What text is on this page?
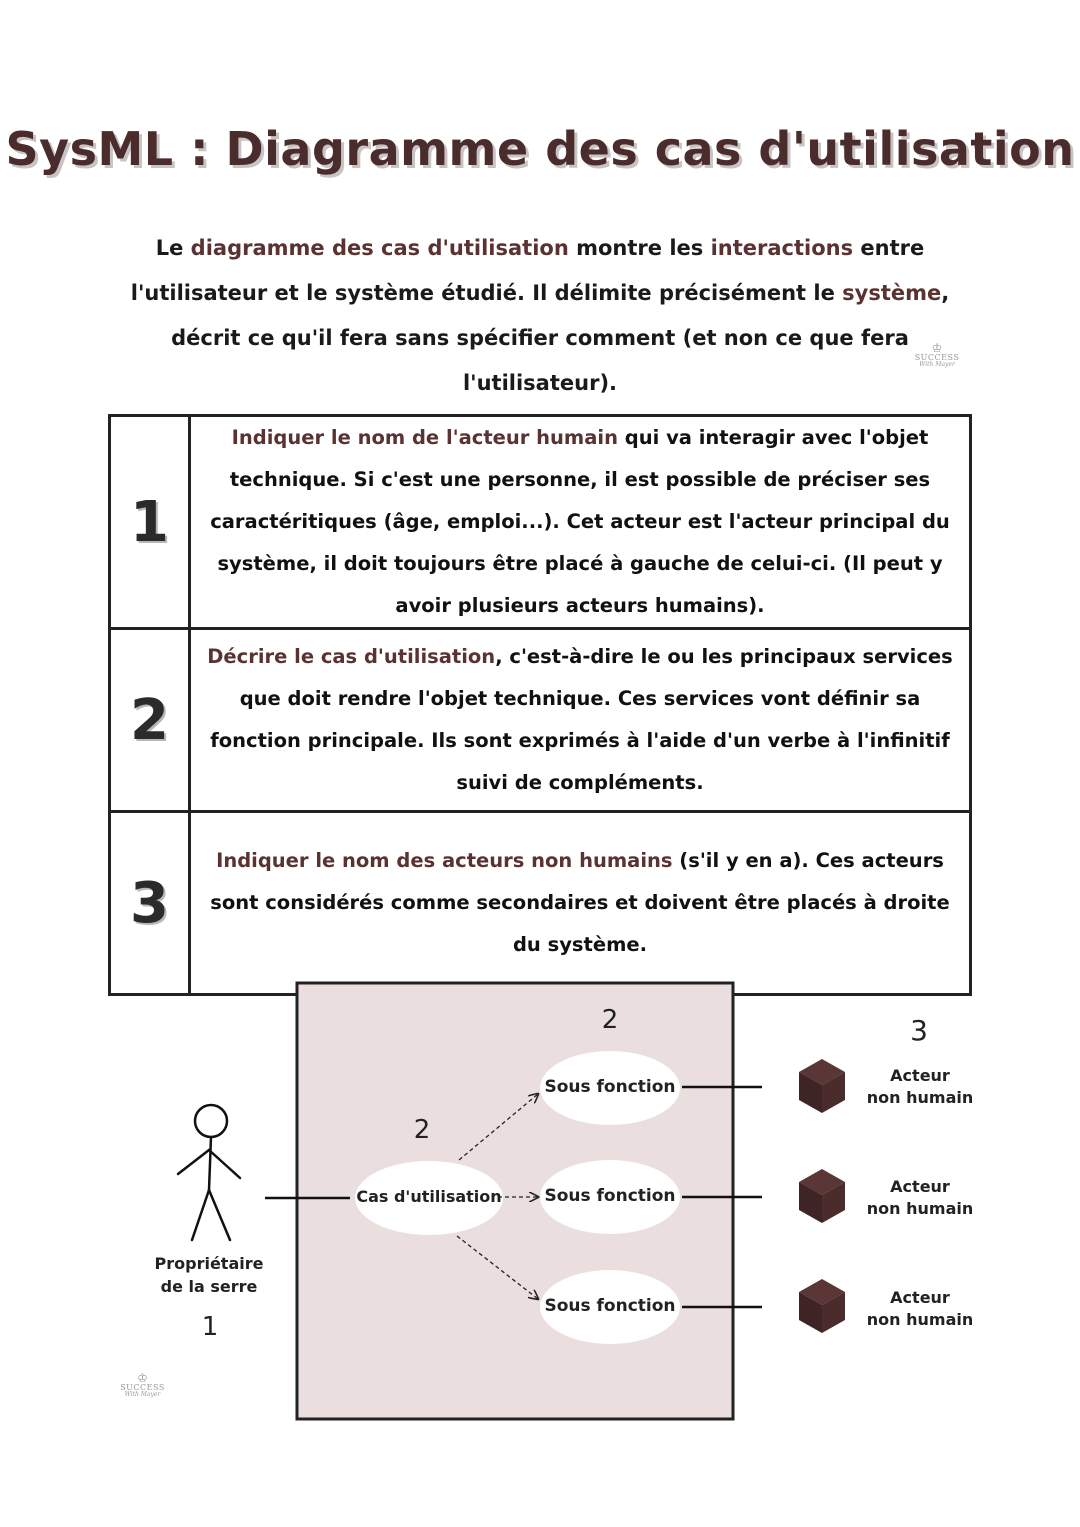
SysML : Diagramme des cas d'utilisation
Le diagramme des cas d'utilisation montre les interactions entre l'utilisateur et le système étudié. Il délimite précisément le système, décrit ce qu'il fera sans spécifier comment (et non ce que fera l'utilisateur).
♔
SUCCESS
With Mayer
1	Indiquer le nom de l'acteur humain qui va interagir avec l'objet technique. Si c'est une personne, il est possible de préciser ses caractéritiques (âge, emploi...). Cet acteur est l'acteur principal du système, il doit toujours être placé à gauche de celui-ci. (Il peut y avoir plusieurs acteurs humains).
2	Décrire le cas d'utilisation, c'est-à-dire le ou les principaux services que doit rendre l'objet technique. Ces services vont définir sa fonction principale. Ils sont exprimés à l'aide d'un verbe à l'infinitif suivi de compléments.
3	Indiquer le nom des acteurs non humains (s'il y en a). Ces acteurs sont considérés comme secondaires et doivent être placés à droite du système.
Cas d'utilisation
Sous fonction
Sous fonction
Sous fonction
2
2	3
Propriétaire
de la serre
1
Acteur
non humain
Acteur
non humain
Acteur
non humain
♔
SUCCESS
With Mayer
